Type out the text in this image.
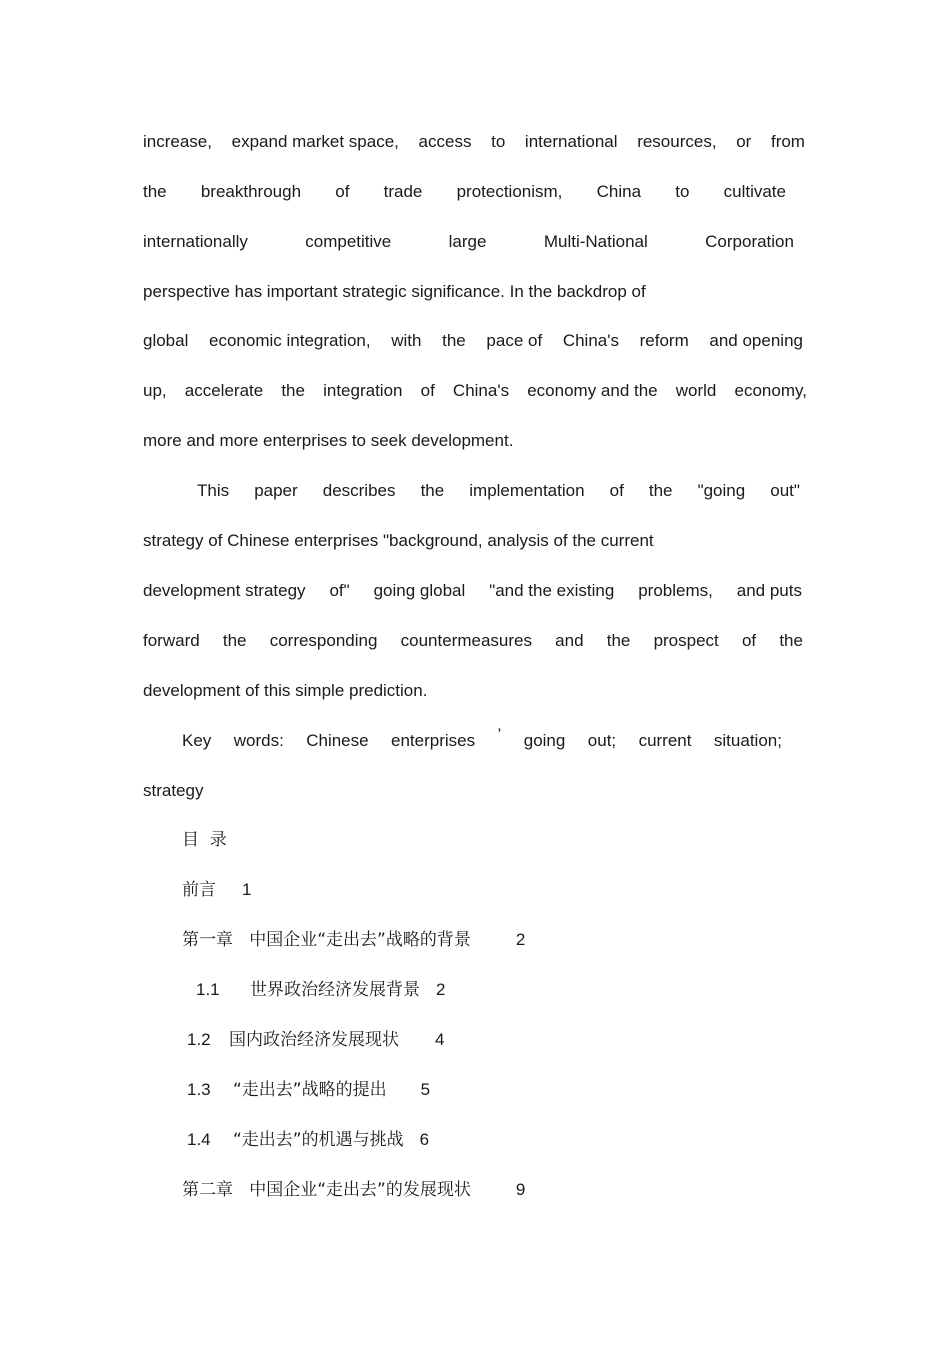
increase, expand market space, access to international resources, or from
the breakthrough of trade protectionism, China to cultivate
internationally	competitive	large	Multi-National	Corporation
perspective has important strategic significance. In the backdrop of
global economic integration, with the pace of China's reform and opening
up, accelerate the integration of China's economy and the world economy,
more and more enterprises to seek development.
This paper describes the implementation of the "going out"
strategy of Chinese enterprises "background, analysis of the current
development strategy of" going global "and the existing problems, and puts
forward the corresponding countermeasures and the prospect of the
development of this simple prediction.
Key words: Chinese enterprises ’ going out; current situation;
strategy
目  录
前言 1
第一章   中国企业“走出去”战略的背景	2
1.1	世界政治经济发展背景 2
1.2	国内政治经济发展现状 4
1.3	“走出去”战略的提出 5
1.4	“走出去”的机遇与挑战 6
第二章   中国企业“走出去”的发展现状	9
